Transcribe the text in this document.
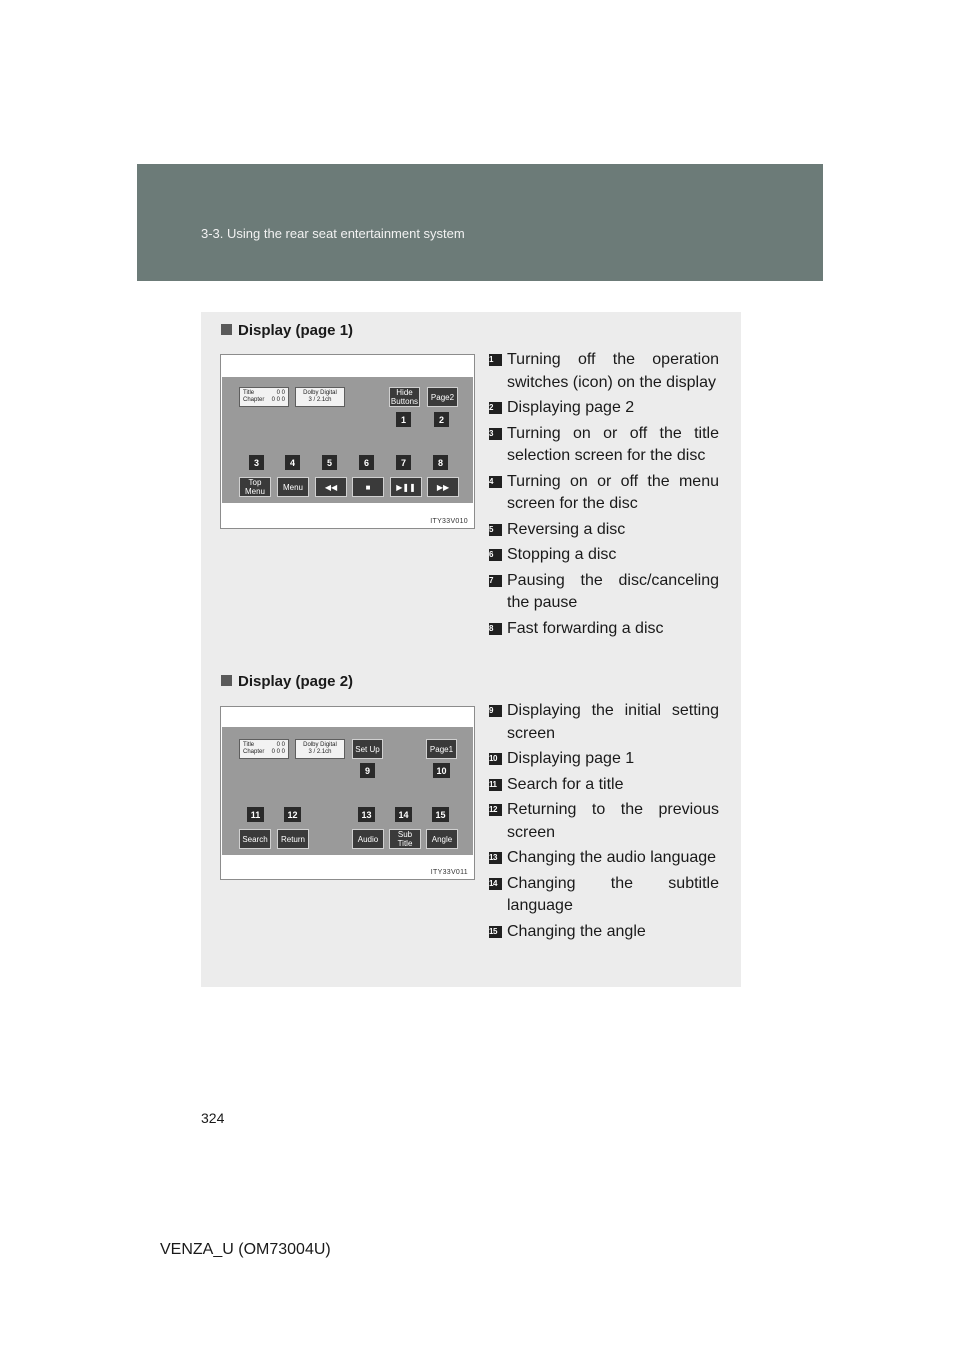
3-3. Using the rear seat entertainment system
Display (page 1)
Title	0 0
Chapter 0 0 0
Dolby Digital
3 / 2.1ch
Hide
Buttons	Page2
1	2
3	4	5	6	7	8
Top
Menu	Menu	◀◀	■	▶❚❚	▶▶
ITY33V010
1 Turning off the operation switches (icon) on the display
2 Displaying page 2
3 Turning on or off the title selection screen for the disc
4 Turning on or off the menu screen for the disc
5 Reversing a disc
6 Stopping a disc
7 Pausing the disc/canceling the pause
8 Fast forwarding a disc
Display (page 2)
Title	0 0
Chapter 0 0 0
Dolby Digital
3 / 2.1ch	Set Up	Page1
9	10
11	12	13	14	15
Search	Return	Audio	Sub
Title	Angle
ITY33V011
9 Displaying the initial setting screen
10 Displaying page 1
11 Search for a title
12 Returning to the previous screen
13 Changing the audio language
14 Changing the subtitle language
15 Changing the angle
324
VENZA_U (OM73004U)
